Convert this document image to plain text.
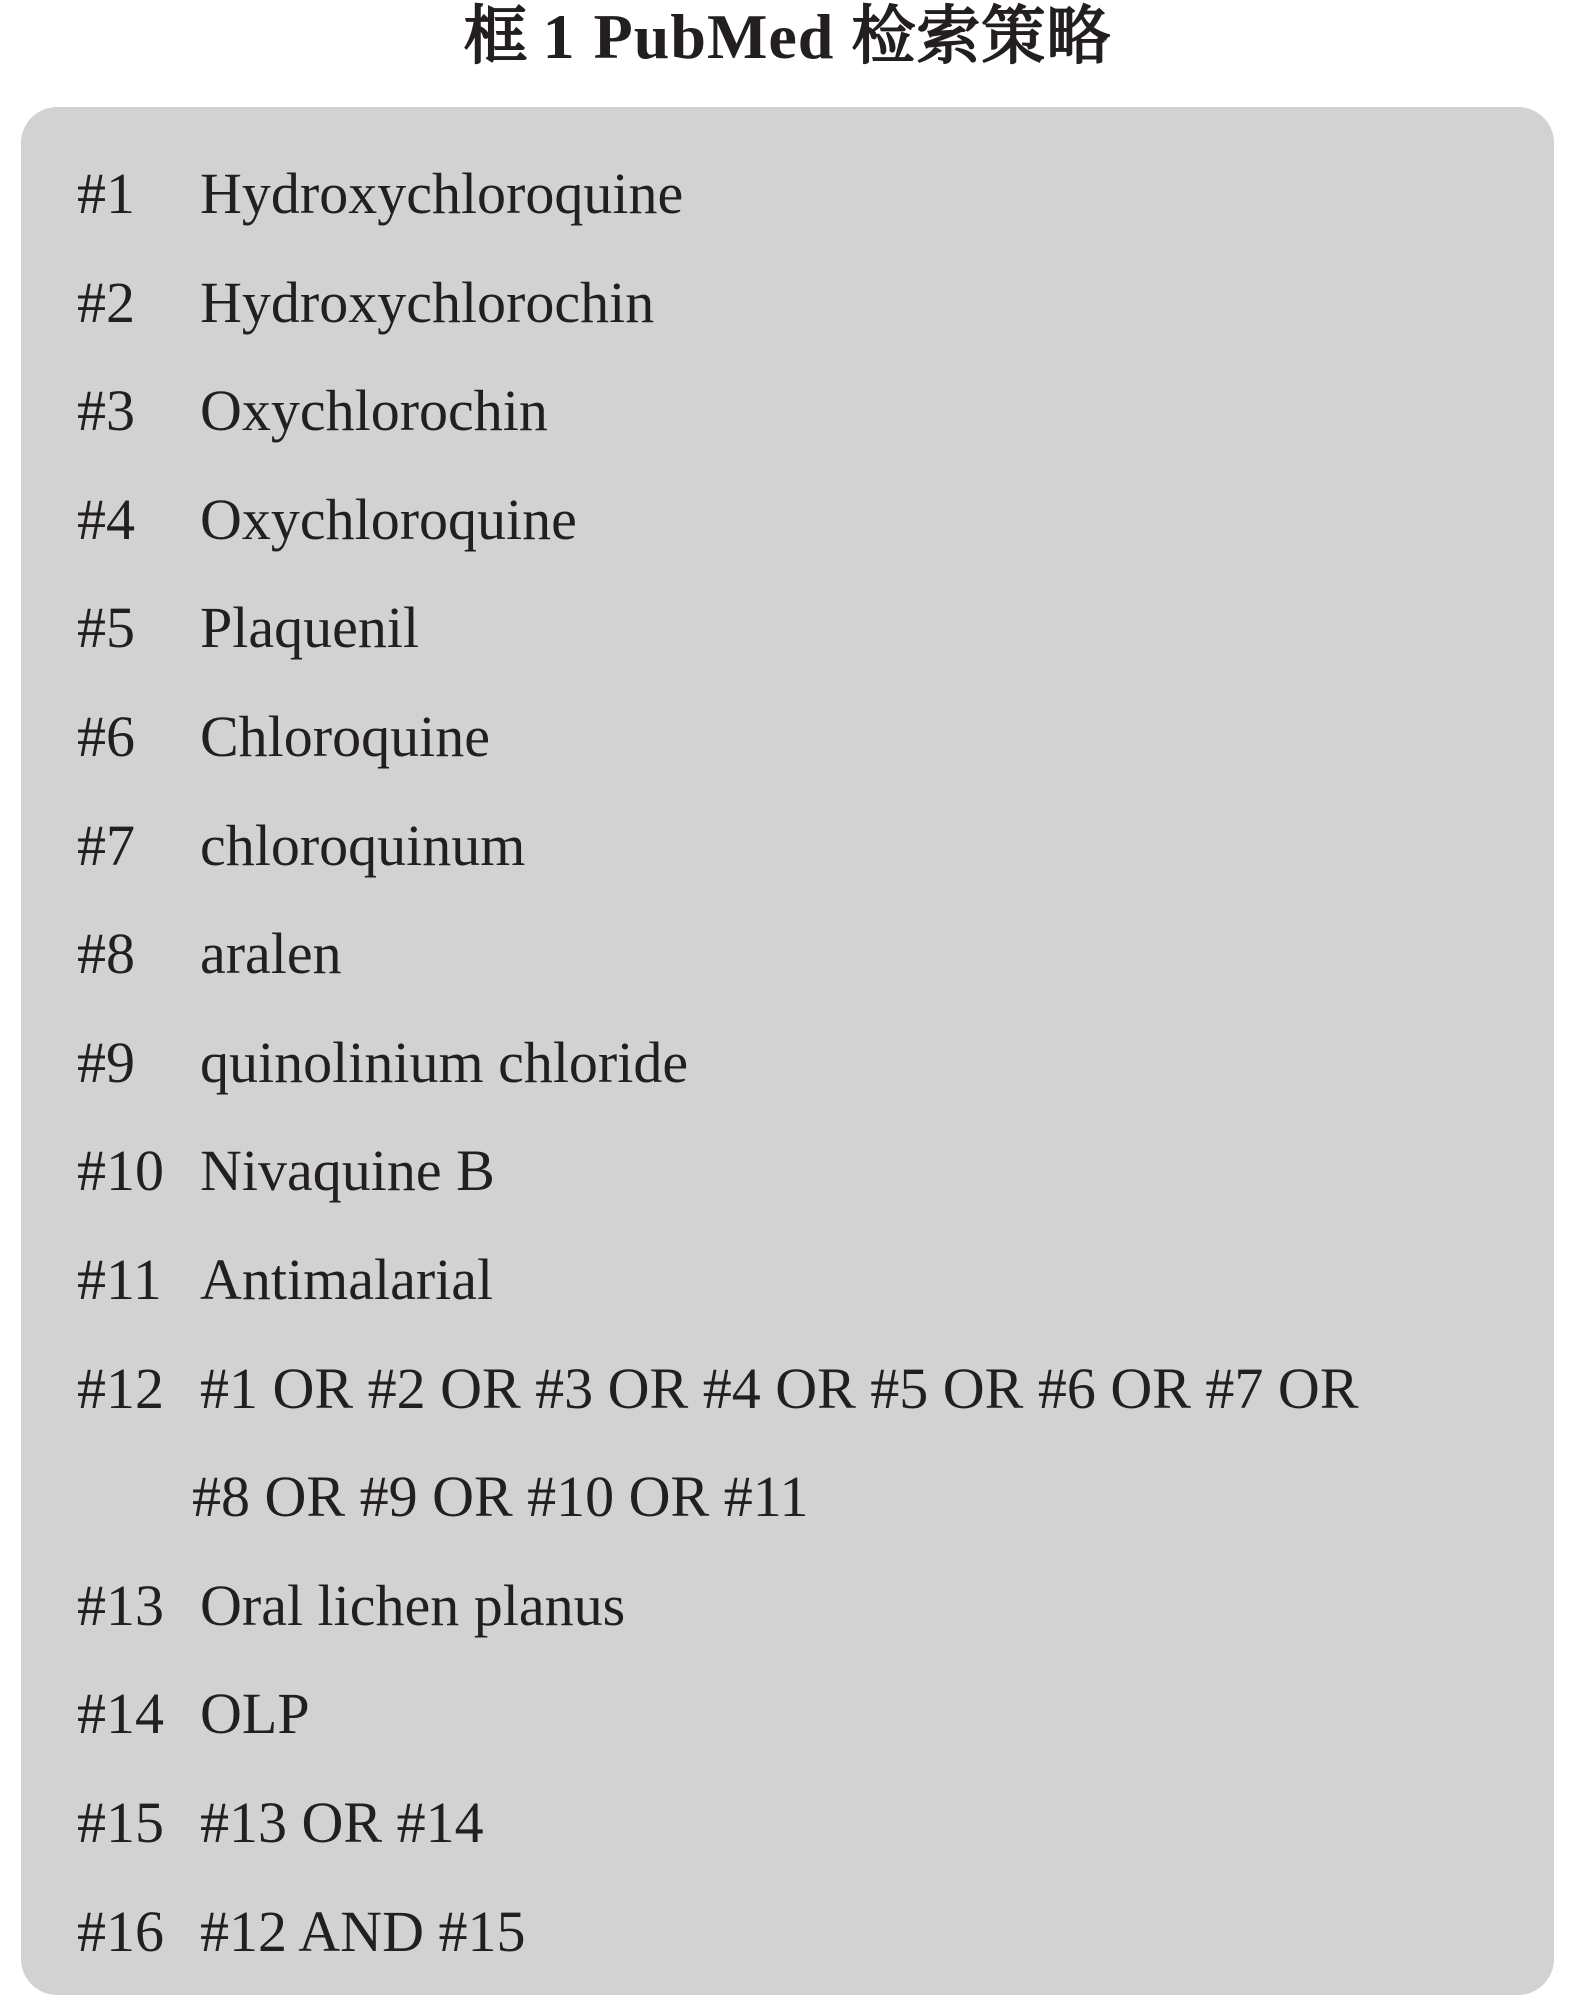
框 1 PubMed 检索策略
#1	Hydroxychloroquine
#2	Hydroxychlorochin
#3	Oxychlorochin
#4	Oxychloroquine
#5	Plaquenil
#6	Chloroquine
#7	chloroquinum
#8	aralen
#9	quinolinium chloride
#10 Nivaquine B
#11 Antimalarial
#12 #1 OR #2 OR #3 OR #4 OR #5 OR #6 OR #7 OR
#8 OR #9 OR #10 OR #11
#13 Oral lichen planus
#14 OLP
#15 #13 OR #14
#16 #12 AND #15
